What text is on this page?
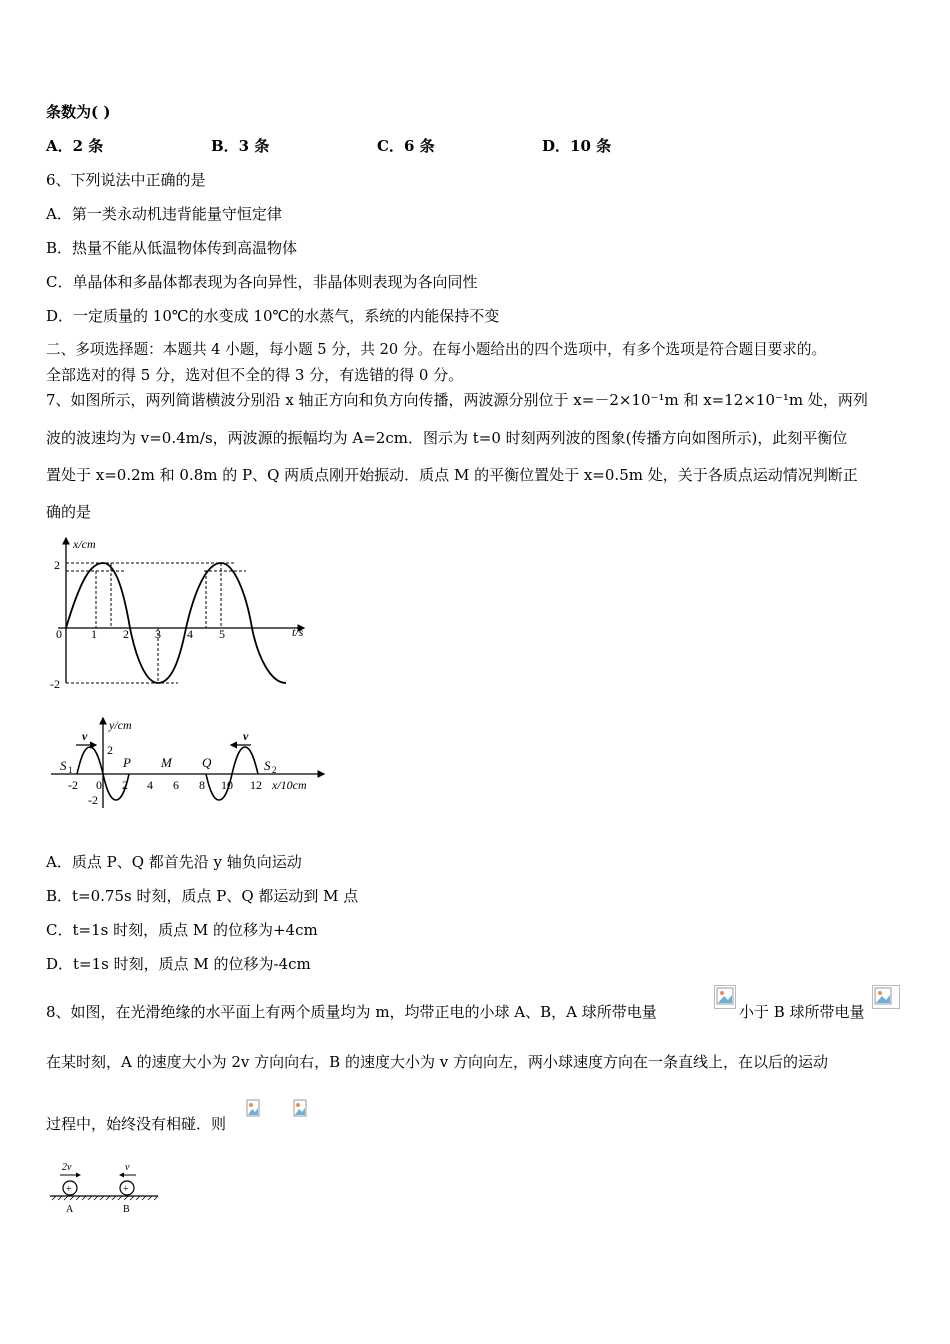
条数为( )
A．2 条	B．3 条	C．6 条	D．10 条
6、下列说法中正确的是
A．第一类永动机违背能量守恒定律
B．热量不能从低温物体传到高温物体
C．单晶体和多晶体都表现为各向异性，非晶体则表现为各向同性
D．一定质量的 10℃的水变成 10℃的水蒸气，系统的内能保持不变
二、多项选择题：本题共 4 小题，每小题 5 分，共 20 分。在每小题给出的四个选项中，有多个选项是符合题目要求的。
全部选对的得 5 分，选对但不全的得 3 分，有选错的得 0 分。
7、如图所示，两列简谐横波分别沿 x 轴正方向和负方向传播，两波源分别位于 x=－2×10⁻¹m 和 x=12×10⁻¹m 处，两列
波的波速均为 v=0.4m/s，两波源的振幅均为 A=2cm．图示为 t=0 时刻两列波的图象(传播方向如图所示)，此刻平衡位
置处于 x=0.2m 和 0.8m 的 P、Q 两质点刚开始振动．质点 M 的平衡位置处于 x=0.5m 处，关于各质点运动情况判断正
确的是
x/cm
t/s
2
-2
0 1 2 3 4 5
y/cm
x/10cm
2
-2
-2 0 2 4 6 8 10 12
v	v
S 1	S 2
P M Q
A．质点 P、Q 都首先沿 y 轴负向运动
B．t=0.75s 时刻，质点 P、Q 都运动到 M 点
C．t=1s 时刻，质点 M 的位移为+4cm
D．t=1s 时刻，质点 M 的位移为-4cm
8、如图，在光滑绝缘的水平面上有两个质量均为 m，均带正电的小球 A、B，A 球所带电量	小于 B 球所带电量
在某时刻，A 的速度大小为 2v 方向向右，B 的速度大小为 v 方向向左，两小球速度方向在一条直线上，在以后的运动
过程中，始终没有相碰．则
2v	v
+	+
A	B
